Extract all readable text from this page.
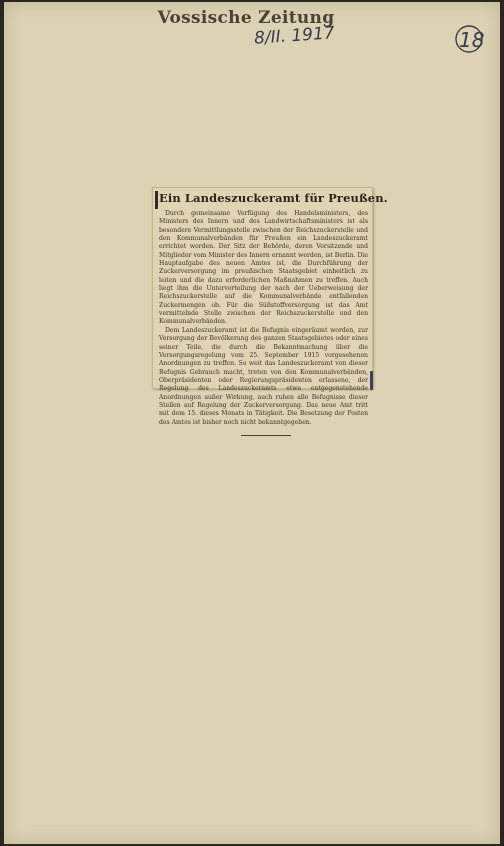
Vossische Zeitung
8/II. 1917	18
Ein Landeszuckeramt für Preußen.

Durch gemeinsame Verfügung des Handelsministers, des Ministers des Innern und des Landwirtschaftsministers ist als besondere Vermittlungsstelle zwischen der Reichszuckerstelle und den Kommunalverbänden für Preußen ein Landeszuckeramt errichtet worden. Der Sitz der Behörde, deren Vorsitzende und Mitglieder vom Minister des Innern ernannt werden, ist Berlin. Die Hauptaufgabe des neuen Amtes ist, die Durchführung der Zuckerversorgung im preußischen Staatsgebiet einheitlich zu leiten und die dazu erforderlichen Maßnahmen zu treffen. Auch liegt ihm die Unterverteilung der nach der Ueberweisung der Reichszuckerstelle auf die Kommunalverbände entfallenden Zuckermengen ob. Für die Süßstoffversorgung ist das Amt vermittelnde Stelle zwischen der Reichszuckerstelle und den Kommunalverbänden.

Dem Landeszuckeramt ist die Befugnis eingeräumt worden, zur Versorgung der Bevölkerung des ganzen Staatsgebietes oder eines seiner Teile, die durch die Bekanntmachung über die Versorgungsregelung vom 25. September 1915 vorgesehenen Anordnungen zu treffen. So weit das Landeszuckeramt von dieser Befugnis Gebrauch macht, treten von den Kommunalverbänden, Oberpräsidenten oder Regierungspräsidenten erlassene, der Regelung des Landeszuckeramts etwa entgegenstehende Anordnungen außer Wirkung, auch ruhen alle Befugnisse dieser Stellen auf Regelung der Zuckerversorgung. Das neue Amt tritt mit dem 15. dieses Monats in Tätigkeit. Die Besetzung der Posten des Amtes ist bisher noch nicht bekanntgegeben.
